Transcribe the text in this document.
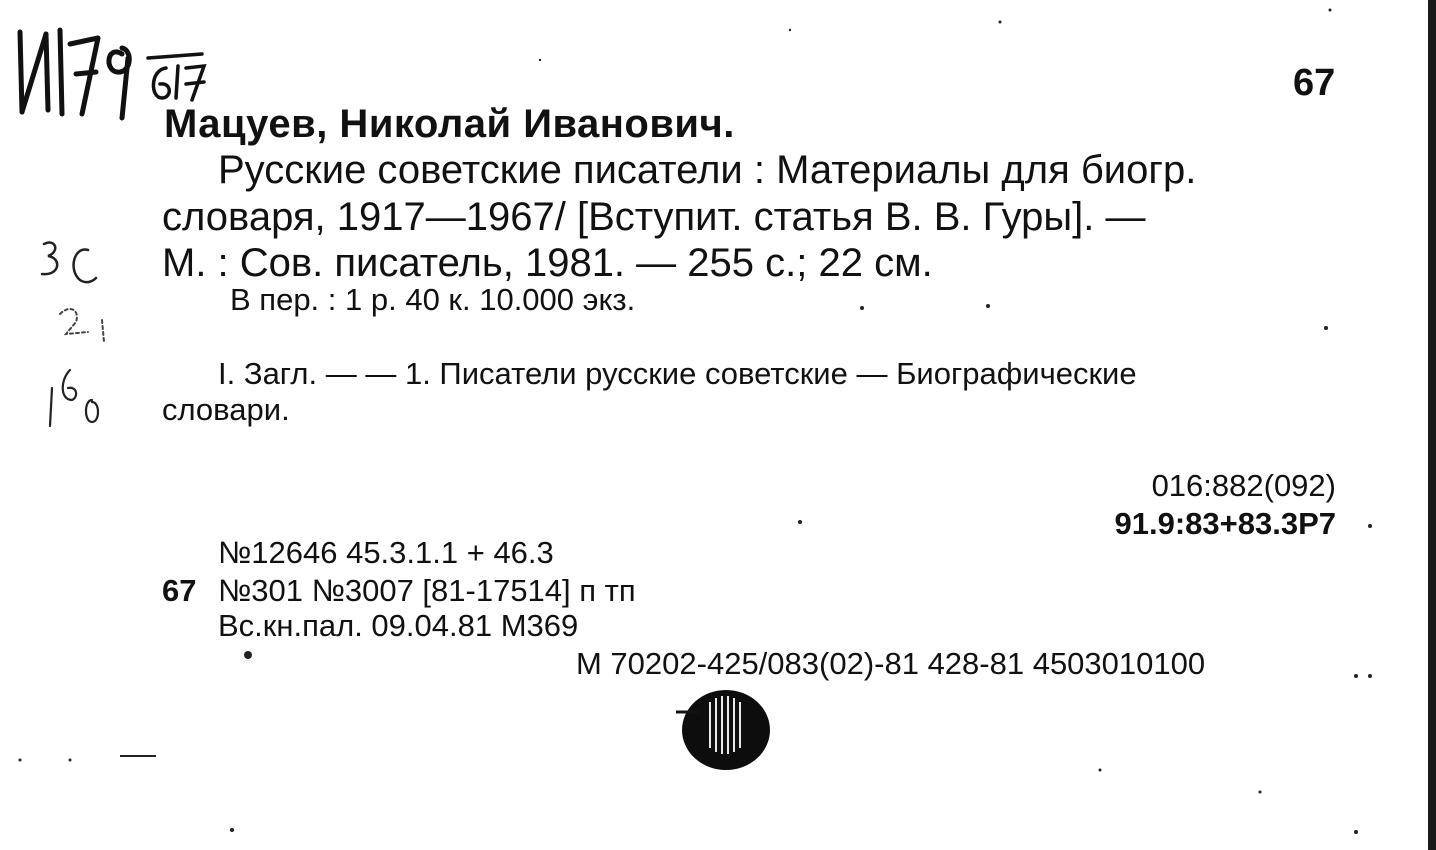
67
Мацуев, Николай Иванович.
Русские советские писатели : Материалы для биогр.
словаря, 1917—1967/ [Вступит. статья В. В. Гуры]. —
М. : Сов. писатель, 1981. — 255 с.; 22 см.
В пер. : 1 р. 40 к. 10.000 экз.
I. Загл. — — 1. Писатели русские советские — Биографические
словари.
016:882(092)
91.9:83+83.3Р7
№12646 45.3.1.1 + 46.3
67 №301 №3007 [81-17514] п тп
Вс.кн.пал. 09.04.81 М369
М 70202-425/083(02)-81 428-81 4503010100
